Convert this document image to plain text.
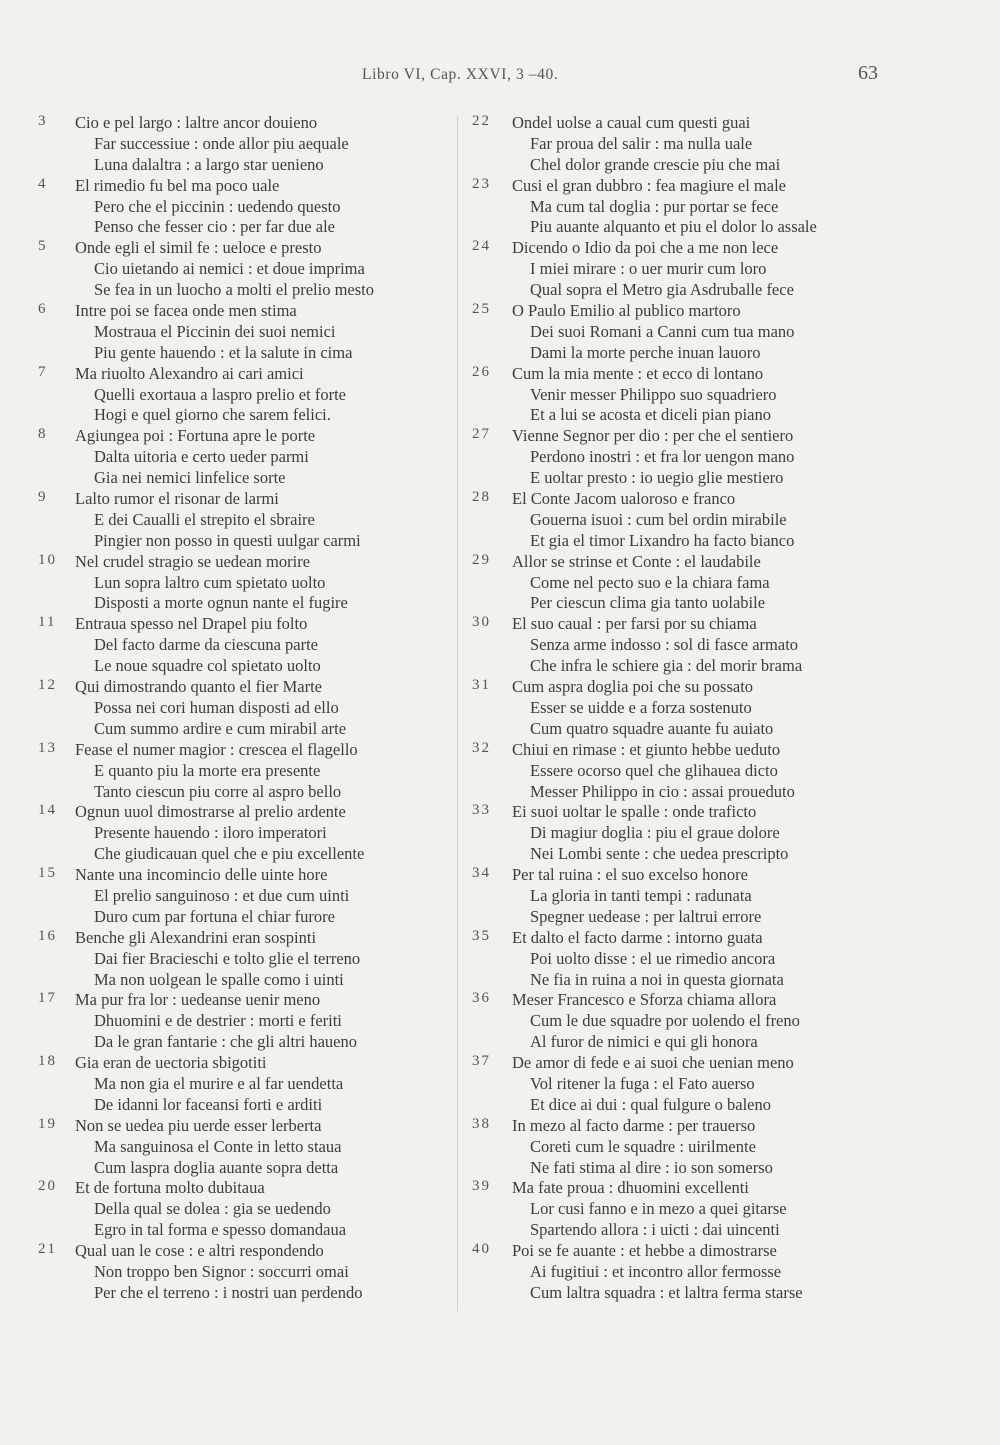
Libro VI, Cap. XXVI, 3 –40.	63
3	Cio e pel largo : laltre ancor douieno
Far successiue : onde allor piu aequale
Luna dalaltra : a largo star uenieno
4	El rimedio fu bel ma poco uale
Pero che el piccinin : uedendo questo
Penso che fesser cio : per far due ale
5	Onde egli el simil fe : ueloce e presto
Cio uietando ai nemici : et doue imprima
Se fea in un luocho a molti el prelio mesto
6	Intre poi se facea onde men stima
Mostraua el Piccinin dei suoi nemici
Piu gente hauendo : et la salute in cima
7	Ma riuolto Alexandro ai cari amici
Quelli exortaua a laspro prelio et forte
Hogi e quel giorno che sarem felici.
8	Agiungea poi : Fortuna apre le porte
Dalta uitoria e certo ueder parmi
Gia nei nemici linfelice sorte
9	Lalto rumor el risonar de larmi
E dei Caualli el strepito el sbraire
Pingier non posso in questi uulgar carmi
10	Nel crudel stragio se uedean morire
Lun sopra laltro cum spietato uolto
Disposti a morte ognun nante el fugire
11	Entraua spesso nel Drapel piu folto
Del facto darme da ciescuna parte
Le noue squadre col spietato uolto
12	Qui dimostrando quanto el fier Marte
Possa nei cori human disposti ad ello
Cum summo ardire e cum mirabil arte
13	Fease el numer magior : crescea el flagello
E quanto piu la morte era presente
Tanto ciescun piu corre al aspro bello
14	Ognun uuol dimostrarse al prelio ardente
Presente hauendo : iloro imperatori
Che giudicauan quel che e piu excellente
15	Nante una incomincio delle uinte hore
El prelio sanguinoso : et due cum uinti
Duro cum par fortuna el chiar furore
16	Benche gli Alexandrini eran sospinti
Dai fier Bracieschi e tolto glie el terreno
Ma non uolgean le spalle como i uinti
17	Ma pur fra lor : uedeanse uenir meno
Dhuomini e de destrier : morti e feriti
Da le gran fantarie : che gli altri haueno
18	Gia eran de uectoria sbigotiti
Ma non gia el murire e al far uendetta
De idanni lor faceansi forti e arditi
19	Non se uedea piu uerde esser lerberta
Ma sanguinosa el Conte in letto staua
Cum laspra doglia auante sopra detta
20	Et de fortuna molto dubitaua
Della qual se dolea : gia se uedendo
Egro in tal forma e spesso domandaua
21	Qual uan le cose : e altri respondendo
Non troppo ben Signor : soccurri omai
Per che el terreno : i nostri uan perdendo
22	Ondel uolse a caual cum questi guai
Far proua del salir : ma nulla uale
Chel dolor grande crescie piu che mai
23	Cusi el gran dubbro : fea magiure el male
Ma cum tal doglia : pur portar se fece
Piu auante alquanto et piu el dolor lo assale
24	Dicendo o Idio da poi che a me non lece
I miei mirare : o uer murir cum loro
Qual sopra el Metro gia Asdruballe fece
25	O Paulo Emilio al publico martoro
Dei suoi Romani a Canni cum tua mano
Dami la morte perche inuan lauoro
26	Cum la mia mente : et ecco di lontano
Venir messer Philippo suo squadriero
Et a lui se acosta et diceli pian piano
27	Vienne Segnor per dio : per che el sentiero
Perdono inostri : et fra lor uengon mano
E uoltar presto : io uegio glie mestiero
28	El Conte Jacom ualoroso e franco
Gouerna isuoi : cum bel ordin mirabile
Et gia el timor Lixandro ha facto bianco
29	Allor se strinse et Conte : el laudabile
Come nel pecto suo e la chiara fama
Per ciescun clima gia tanto uolabile
30	El suo caual : per farsi por su chiama
Senza arme indosso : sol di fasce armato
Che infra le schiere gia : del morir brama
31	Cum aspra doglia poi che su possato
Esser se uidde e a forza sostenuto
Cum quatro squadre auante fu auiato
32	Chiui en rimase : et giunto hebbe ueduto
Essere ocorso quel che glihauea dicto
Messer Philippo in cio : assai proueduto
33	Ei suoi uoltar le spalle : onde traficto
Di magiur doglia : piu el graue dolore
Nei Lombi sente : che uedea prescripto
34	Per tal ruina : el suo excelso honore
La gloria in tanti tempi : radunata
Spegner uedease : per laltrui errore
35	Et dalto el facto darme : intorno guata
Poi uolto disse : el ue rimedio ancora
Ne fia in ruina a noi in questa giornata
36	Meser Francesco e Sforza chiama allora
Cum le due squadre por uolendo el freno
Al furor de nimici e qui gli honora
37	De amor di fede e ai suoi che uenian meno
Vol ritener la fuga : el Fato auerso
Et dice ai dui : qual fulgure o baleno
38	In mezo al facto darme : per trauerso
Coreti cum le squadre : uirilmente
Ne fati stima al dire : io son somerso
39	Ma fate proua : dhuomini excellenti
Lor cusi fanno e in mezo a quei gitarse
Spartendo allora : i uicti : dai uincenti
40	Poi se fe auante : et hebbe a dimostrarse
Ai fugitiui : et incontro allor fermosse
Cum laltra squadra : et laltra ferma starse
